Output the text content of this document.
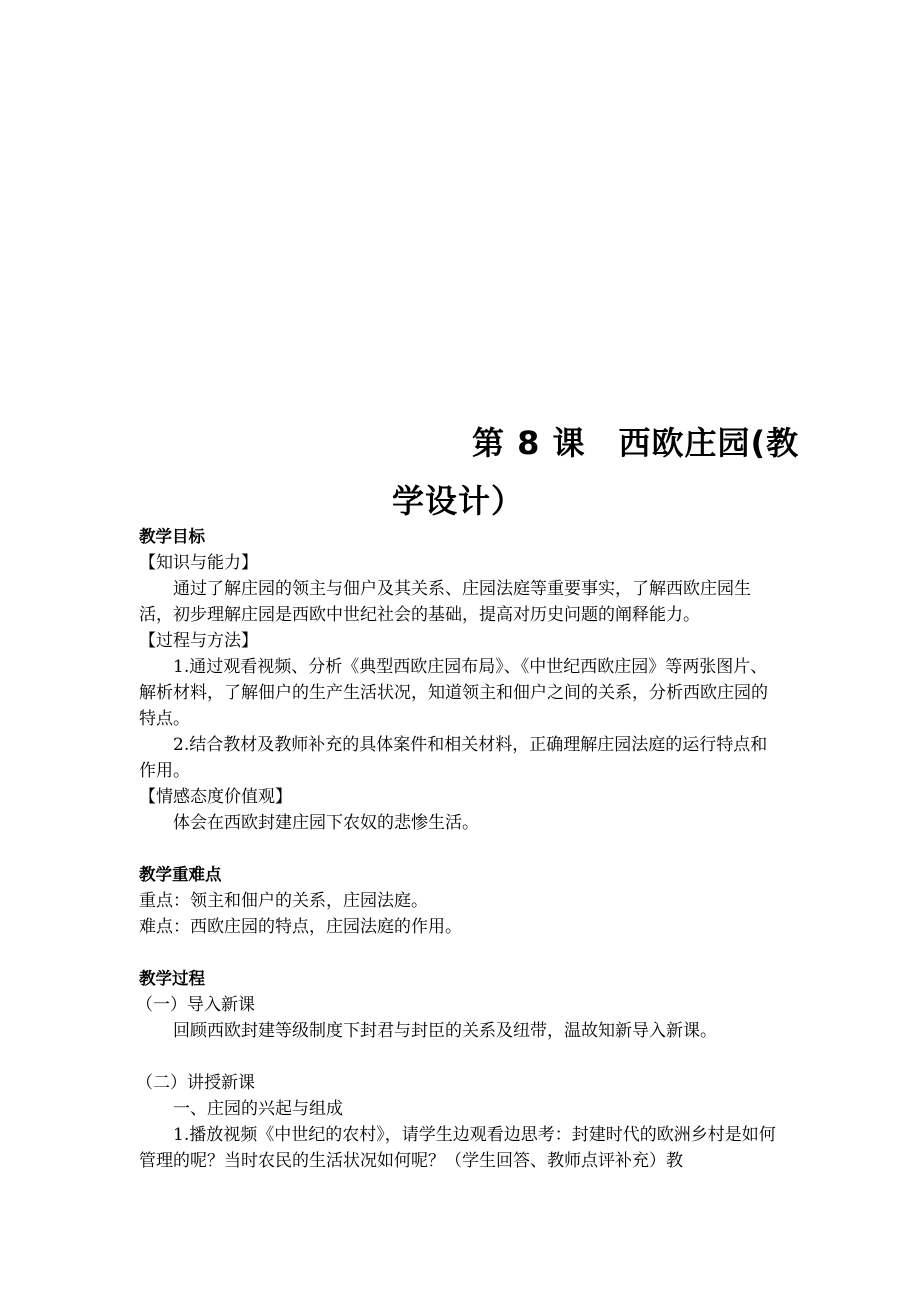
第 8 课　西欧庄园(教
学设计）

教学目标

【知识与能力】

通过了解庄园的领主与佃户及其关系、庄园法庭等重要事实，了解西欧庄园生活，初步理解庄园是西欧中世纪社会的基础，提高对历史问题的阐释能力。

【过程与方法】

1.通过观看视频、分析《典型西欧庄园布局》、《中世纪西欧庄园》等两张图片、解析材料，了解佃户的生产生活状况，知道领主和佃户之间的关系，分析西欧庄园的特点。

2.结合教材及教师补充的具体案件和相关材料，正确理解庄园法庭的运行特点和作用。

【情感态度价值观】

体会在西欧封建庄园下农奴的悲惨生活。

教学重难点

重点：领主和佃户的关系，庄园法庭。

难点：西欧庄园的特点，庄园法庭的作用。

教学过程

（一）导入新课

回顾西欧封建等级制度下封君与封臣的关系及纽带，温故知新导入新课。

（二）讲授新课

一、庄园的兴起与组成

1.播放视频《中世纪的农村》，请学生边观看边思考：封建时代的欧洲乡村是如何管理的呢？当时农民的生活状况如何呢？（学生回答、教师点评补充）教
